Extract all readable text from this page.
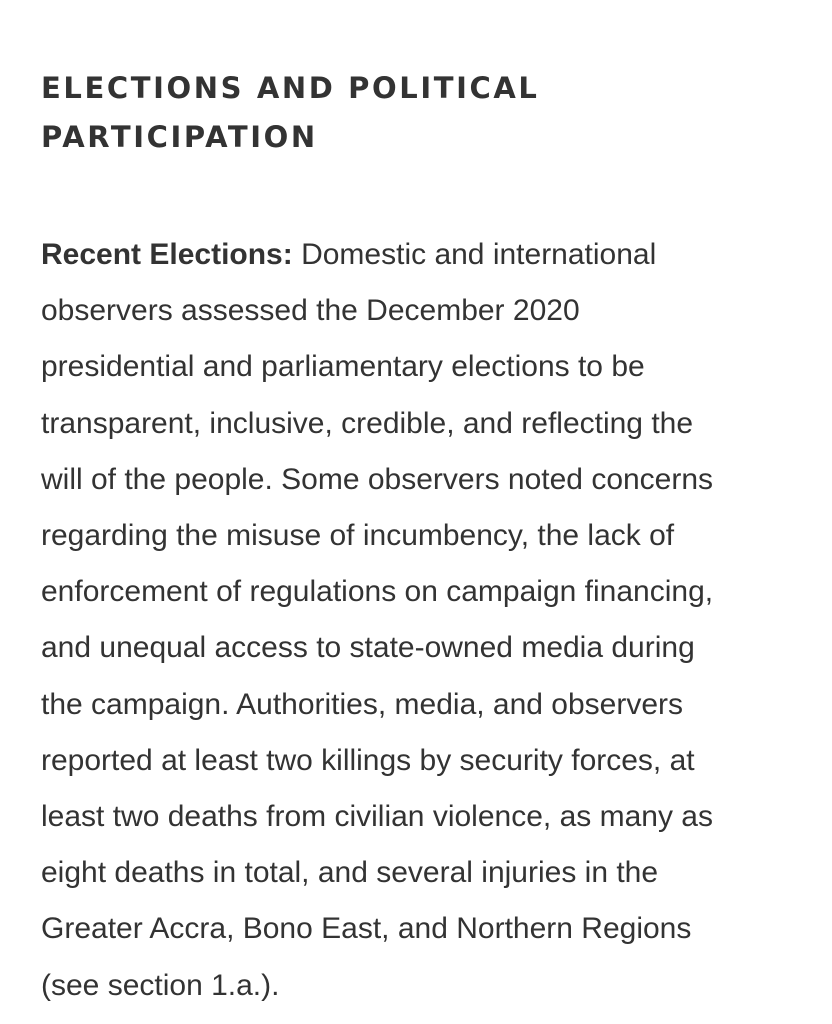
ELECTIONS AND POLITICAL
PARTICIPATION

Recent Elections: Domestic and international
observers assessed the December 2020
presidential and parliamentary elections to be
transparent, inclusive, credible, and reflecting the
will of the people. Some observers noted concerns
regarding the misuse of incumbency, the lack of
enforcement of regulations on campaign financing,
and unequal access to state-owned media during
the campaign. Authorities, media, and observers
reported at least two killings by security forces, at
least two deaths from civilian violence, as many as
eight deaths in total, and several injuries in the
Greater Accra, Bono East, and Northern Regions
(see section 1.a.).
